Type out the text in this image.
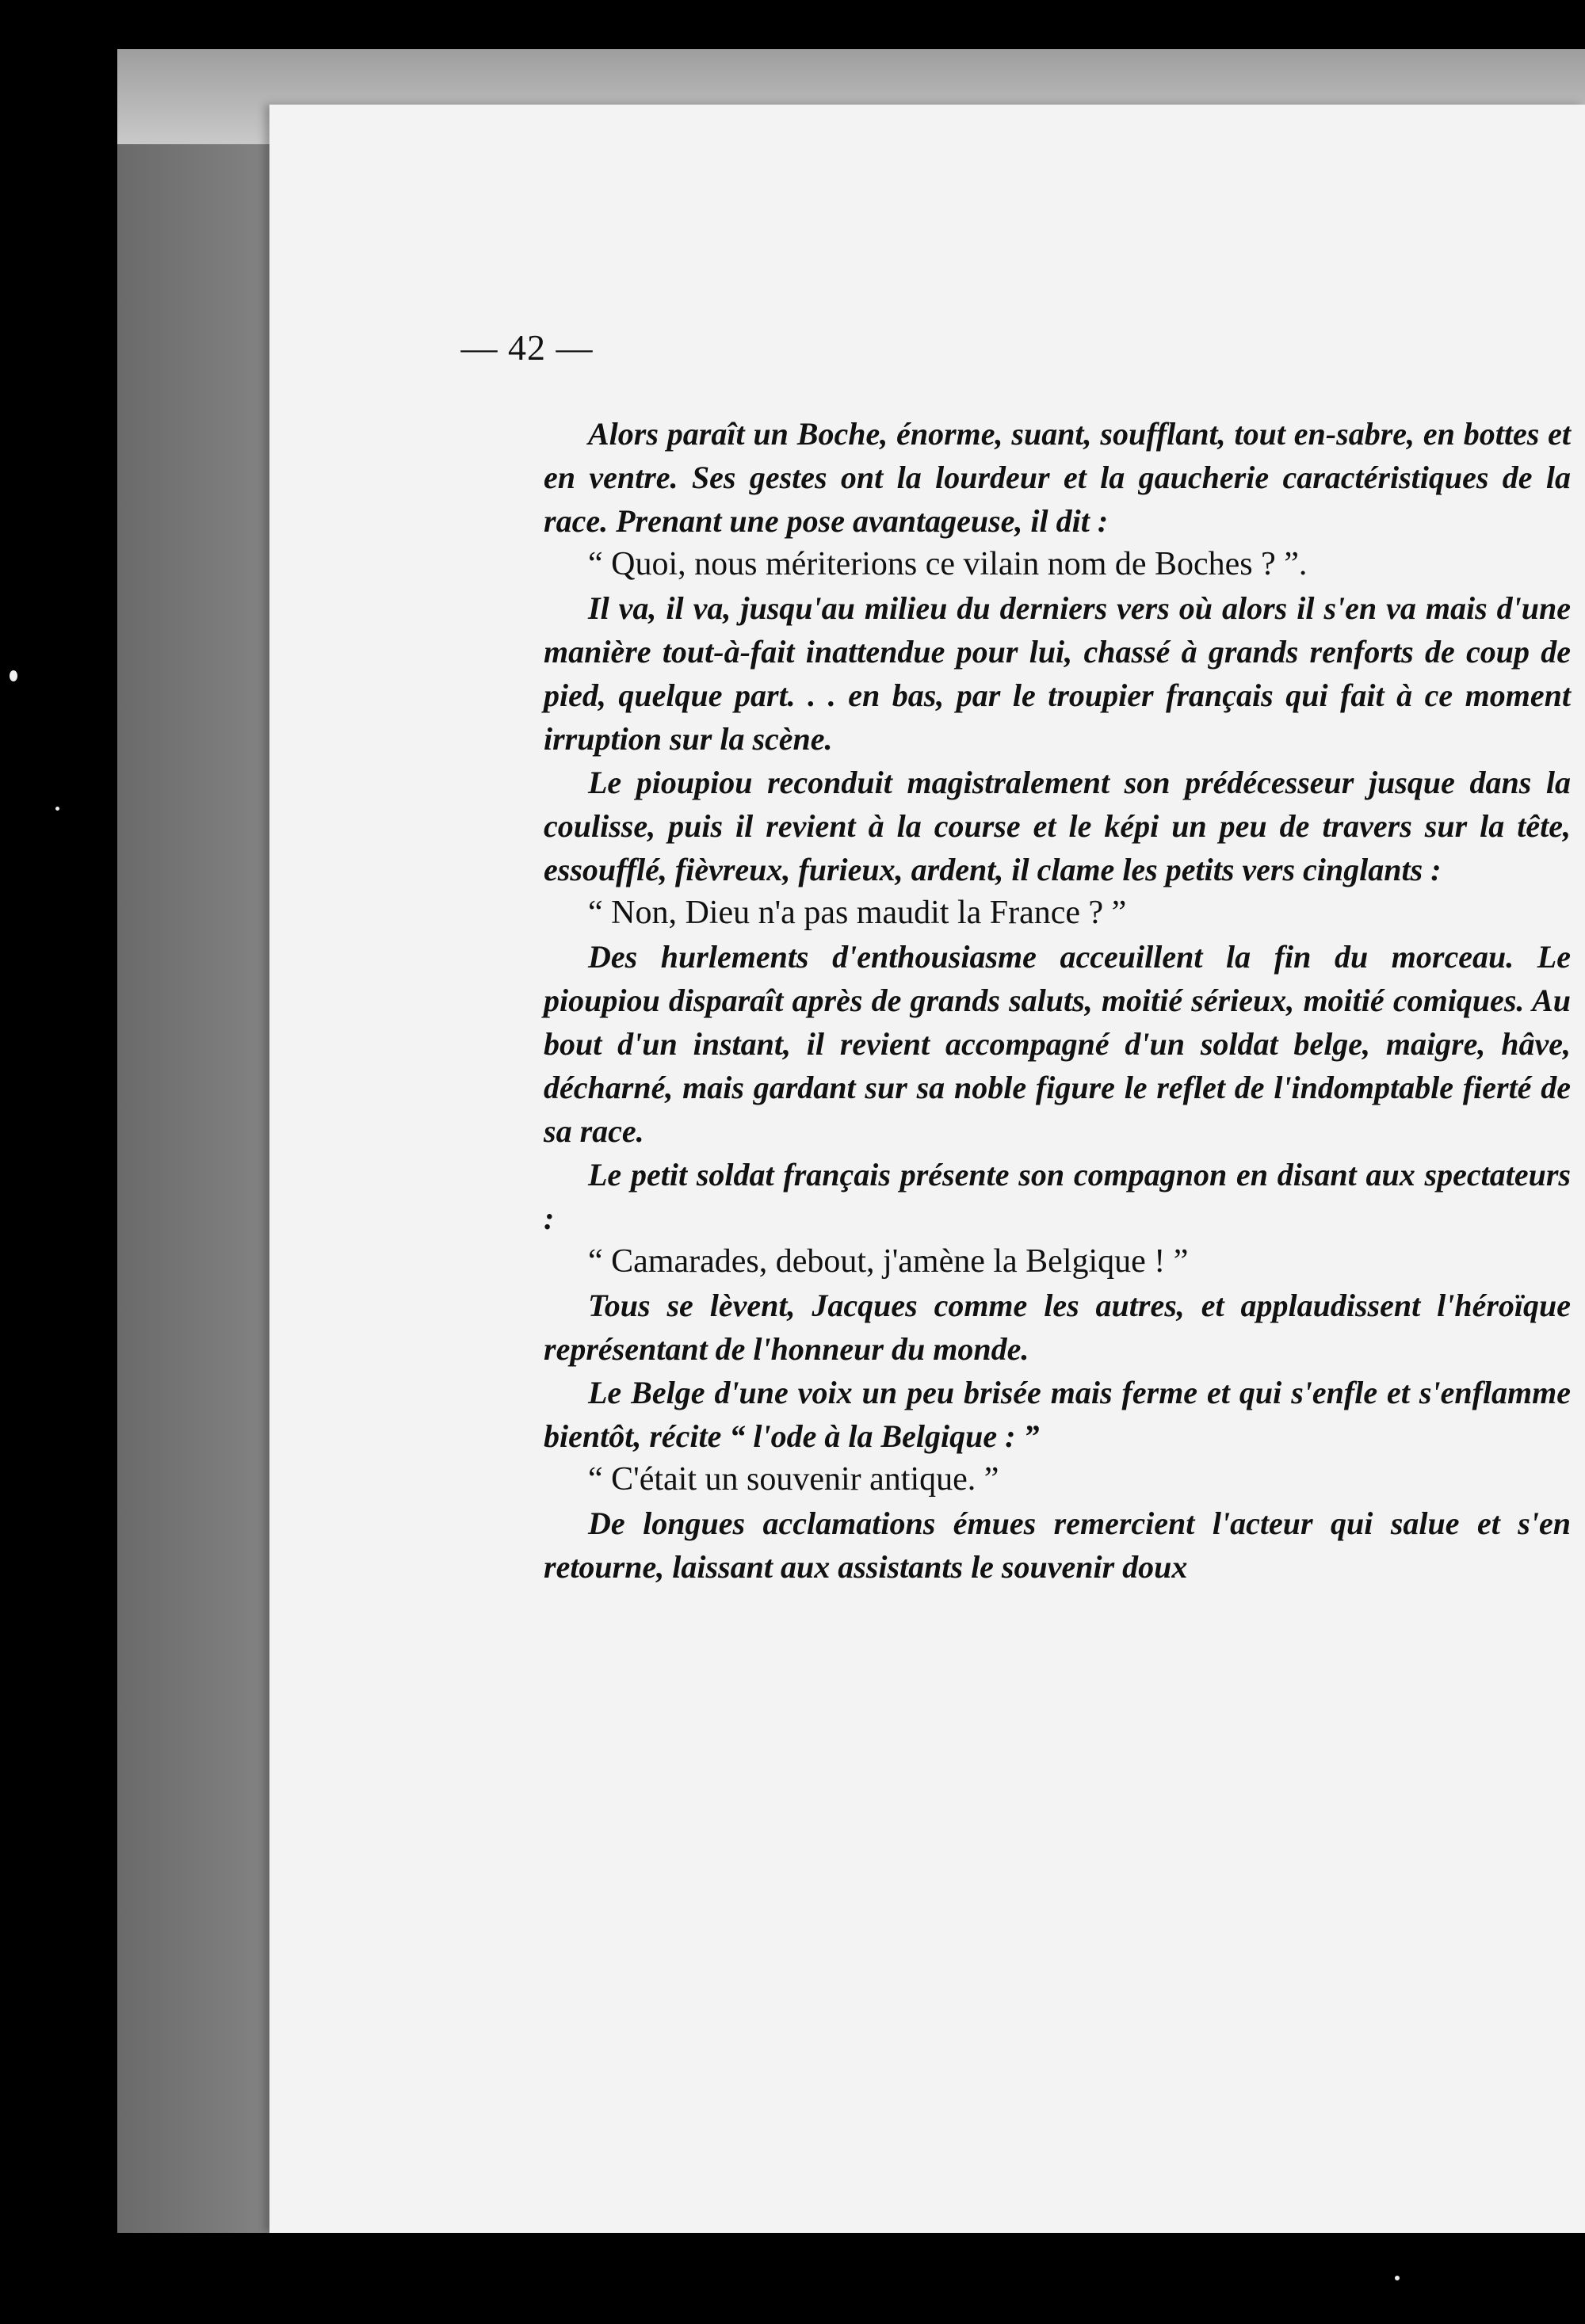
— 42 —

Alors paraît un Boche, énorme, suant, soufflant, tout en‑sabre, en bottes et en ventre. Ses gestes ont la lourdeur et la gaucherie caractéristiques de la race. Prenant une pose avantageuse, il dit :

“ Quoi, nous mériterions ce vilain nom de Boches ? ”.

Il va, il va, jusqu'au milieu du derniers vers où alors il s'en va mais d'une manière tout-à-fait inattendue pour lui, chassé à grands renforts de coup de pied, quelque part. . . en bas, par le troupier français qui fait à ce moment irruption sur la scène.

Le pioupiou reconduit magistralement son prédécesseur jusque dans la coulisse, puis il revient à la course et le képi un peu de travers sur la tête, essoufflé, fièvreux, furieux, ardent, il clame les petits vers cinglants :

“ Non, Dieu n'a pas maudit la France ? ”

Des hurlements d'enthousiasme acceuillent la fin du morceau. Le pioupiou disparaît après de grands saluts, moitié sérieux, moitié comiques. Au bout d'un instant, il revient accompagné d'un soldat belge, maigre, hâve, décharné, mais gardant sur sa noble figure le reflet de l'indomptable fierté de sa race.

Le petit soldat français présente son compagnon en disant aux spectateurs :

“ Camarades, debout, j'amène la Belgique ! ”

Tous se lèvent, Jacques comme les autres, et applaudissent l'héroïque représentant de l'honneur du monde.

Le Belge d'une voix un peu brisée mais ferme et qui s'enfle et s'enflamme bientôt, récite “ l'ode à la Belgique : ”

“ C'était un souvenir antique. ”

De longues acclamations émues remercient l'acteur qui salue et s'en retourne, laissant aux assistants le souvenir doux
